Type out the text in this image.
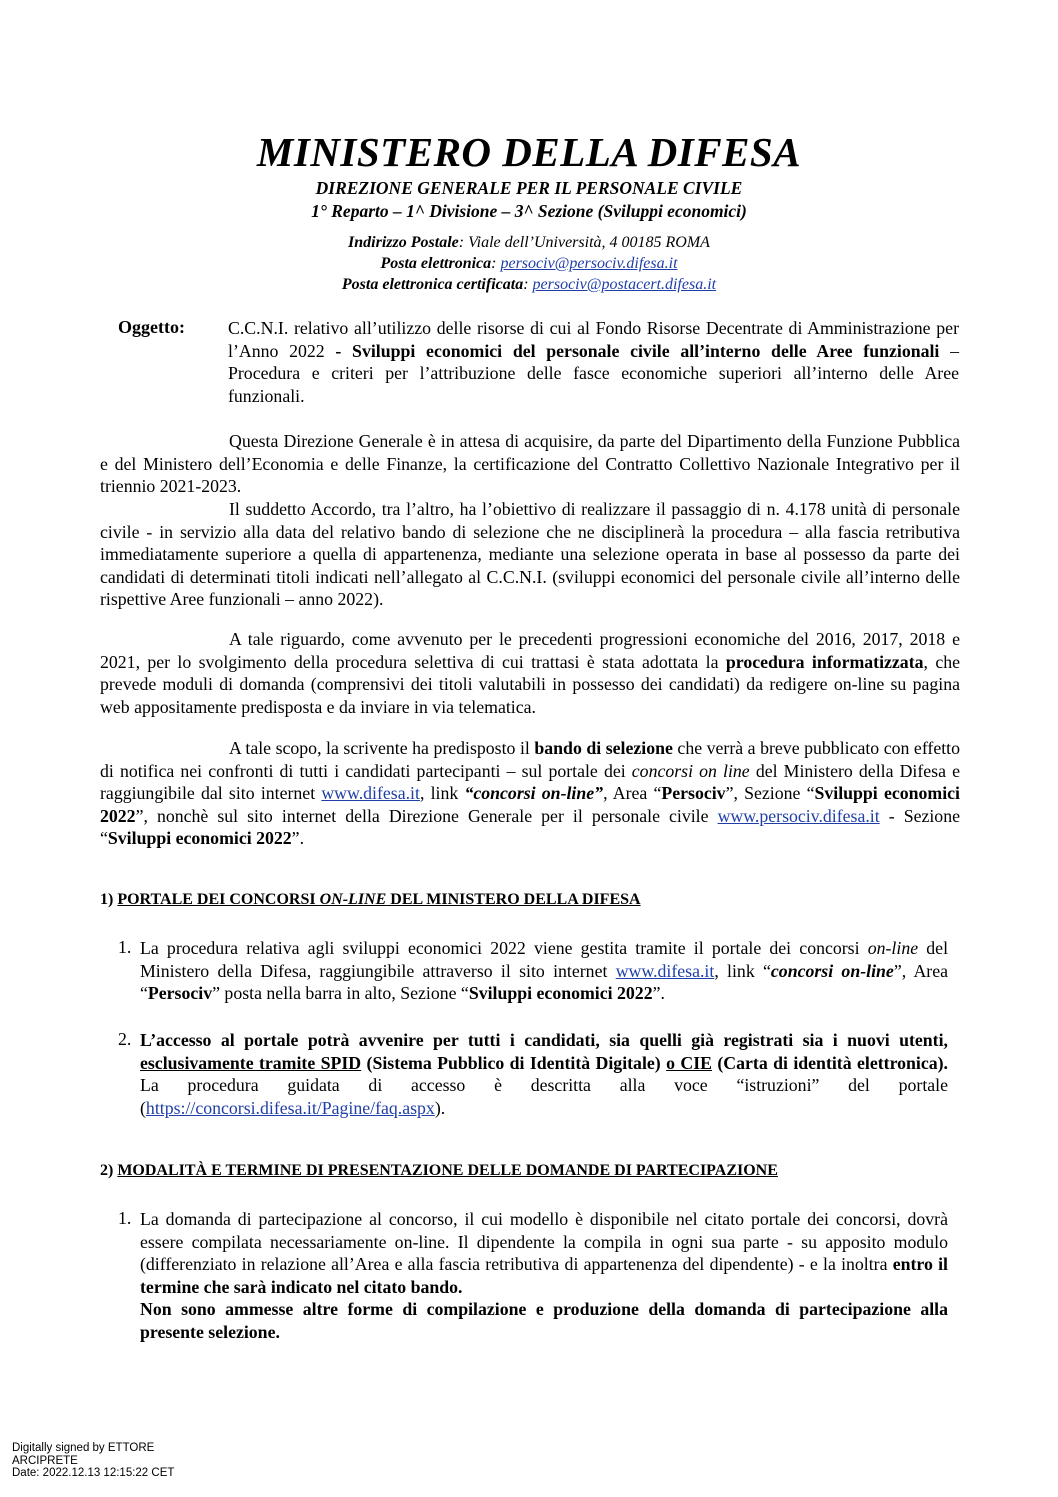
MINISTERO DELLA DIFESA
DIREZIONE GENERALE PER IL PERSONALE CIVILE
1° Reparto – 1^ Divisione – 3^ Sezione (Sviluppi economici)
Indirizzo Postale: Viale dell’Università, 4 00185 ROMA
Posta elettronica: persociv@persociv.difesa.it
Posta elettronica certificata: persociv@postacert.difesa.it
Oggetto: C.C.N.I. relativo all’utilizzo delle risorse di cui al Fondo Risorse Decentrate di Amministrazione per l’Anno 2022 - Sviluppi economici del personale civile all’interno delle Aree funzionali – Procedura e criteri per l’attribuzione delle fasce economiche superiori all’interno delle Aree funzionali.
Questa Direzione Generale è in attesa di acquisire, da parte del Dipartimento della Funzione Pubblica e del Ministero dell’Economia e delle Finanze, la certificazione del Contratto Collettivo Nazionale Integrativo per il triennio 2021-2023.
Il suddetto Accordo, tra l’altro, ha l’obiettivo di realizzare il passaggio di n. 4.178 unità di personale civile - in servizio alla data del relativo bando di selezione che ne disciplinerà la procedura – alla fascia retributiva immediatamente superiore a quella di appartenenza, mediante una selezione operata in base al possesso da parte dei candidati di determinati titoli indicati nell’allegato al C.C.N.I. (sviluppi economici del personale civile all’interno delle rispettive Aree funzionali – anno 2022).
A tale riguardo, come avvenuto per le precedenti progressioni economiche del 2016, 2017, 2018 e 2021, per lo svolgimento della procedura selettiva di cui trattasi è stata adottata la procedura informatizzata, che prevede moduli di domanda (comprensivi dei titoli valutabili in possesso dei candidati) da redigere on-line su pagina web appositamente predisposta e da inviare in via telematica.
A tale scopo, la scrivente ha predisposto il bando di selezione che verrà a breve pubblicato con effetto di notifica nei confronti di tutti i candidati partecipanti – sul portale dei concorsi on line del Ministero della Difesa e raggiungibile dal sito internet www.difesa.it, link “concorsi on-line”, Area “Persociv”, Sezione “Sviluppi economici 2022”, nonchè sul sito internet della Direzione Generale per il personale civile www.persociv.difesa.it - Sezione “Sviluppi economici 2022”.
1) PORTALE DEI CONCORSI ON-LINE DEL MINISTERO DELLA DIFESA
1. La procedura relativa agli sviluppi economici 2022 viene gestita tramite il portale dei concorsi on-line del Ministero della Difesa, raggiungibile attraverso il sito internet www.difesa.it, link “concorsi on-line”, Area “Persociv” posta nella barra in alto, Sezione “Sviluppi economici 2022”.
2. L’accesso al portale potrà avvenire per tutti i candidati, sia quelli già registrati sia i nuovi utenti, esclusivamente tramite SPID (Sistema Pubblico di Identità Digitale) o CIE (Carta di identità elettronica). La procedura guidata di accesso è descritta alla voce “istruzioni” del portale (https://concorsi.difesa.it/Pagine/faq.aspx).
2) MODALITÀ E TERMINE DI PRESENTAZIONE DELLE DOMANDE DI PARTECIPAZIONE
1. La domanda di partecipazione al concorso, il cui modello è disponibile nel citato portale dei concorsi, dovrà essere compilata necessariamente on-line. Il dipendente la compila in ogni sua parte - su apposito modulo (differenziato in relazione all’Area e alla fascia retributiva di appartenenza del dipendente) - e la inoltra entro il termine che sarà indicato nel citato bando.
Non sono ammesse altre forme di compilazione e produzione della domanda di partecipazione alla presente selezione.
Digitally signed by ETTORE
ARCIPRETE
Date: 2022.12.13 12:15:22 CET
